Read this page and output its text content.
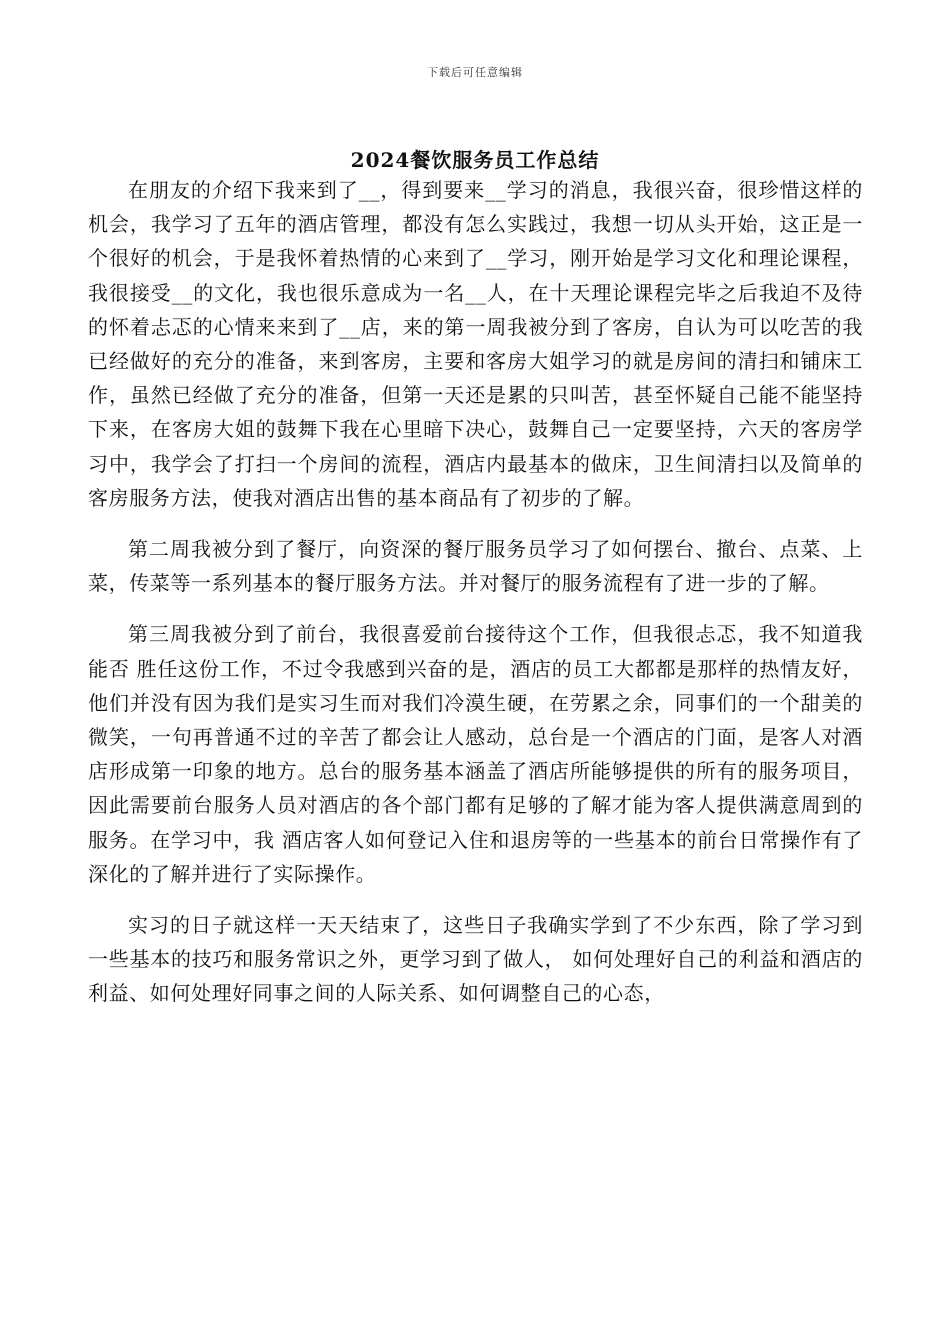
下载后可任意编辑
2024餐饮服务员工作总结

在朋友的介绍下我来到了__，得到要来__学习的消息，我很兴奋，很珍惜这样的机会，我学习了五年的酒店管理，都没有怎么实践过，我想一切从头开始，这正是一个很好的机会，于是我怀着热情的心来到了__学习，刚开始是学习文化和理论课程，我很接受__的文化，我也很乐意成为一名__人，在十天理论课程完毕之后我迫不及待的怀着忐忑的心情来来到了__店，来的第一周我被分到了客房，自认为可以吃苦的我已经做好的充分的准备，来到客房，主要和客房大姐学习的就是房间的清扫和铺床工作，虽然已经做了充分的准备，但第一天还是累的只叫苦，甚至怀疑自己能不能坚持下来，在客房大姐的鼓舞下我在心里暗下决心，鼓舞自己一定要坚持，六天的客房学习中，我学会了打扫一个房间的流程，酒店内最基本的做床，卫生间清扫以及简单的客房服务方法，使我对酒店出售的基本商品有了初步的了解。

第二周我被分到了餐厅，向资深的餐厅服务员学习了如何摆台、撤台、点菜、上菜，传菜等一系列基本的餐厅服务方法。并对餐厅的服务流程有了进一步的了解。

第三周我被分到了前台，我很喜爱前台接待这个工作，但我很忐忑，我不知道我能否 胜任这份工作，不过令我感到兴奋的是，酒店的员工大都都是那样的热情友好，他们并没有因为我们是实习生而对我们冷漠生硬，在劳累之余，同事们的一个甜美的微笑，一句再普通不过的辛苦了都会让人感动，总台是一个酒店的门面，是客人对酒店形成第一印象的地方。总台的服务基本涵盖了酒店所能够提供的所有的服务项目，因此需要前台服务人员对酒店的各个部门都有足够的了解才能为客人提供满意周到的服务。在学习中，我 酒店客人如何登记入住和退房等的一些基本的前台日常操作有了深化的了解并进行了实际操作。

实习的日子就这样一天天结束了，这些日子我确实学到了不少东西，除了学习到一些基本的技巧和服务常识之外，更学习到了做人， 如何处理好自己的利益和酒店的利益、如何处理好同事之间的人际关系、如何调整自己的心态，
